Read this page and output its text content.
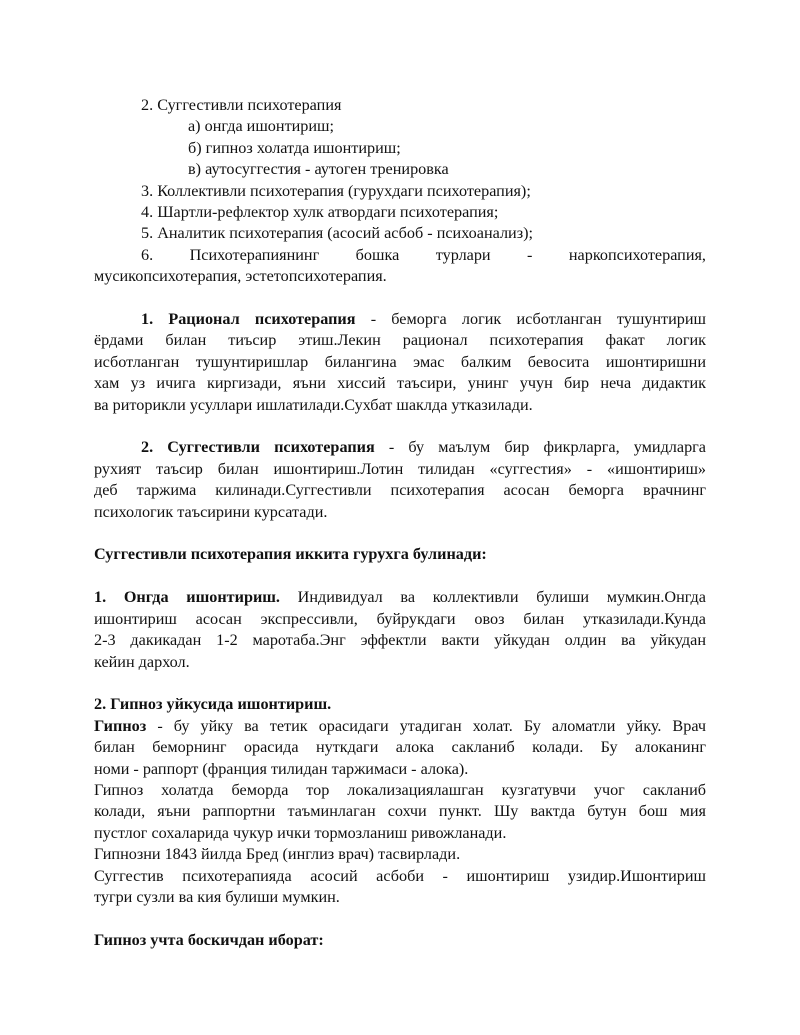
2. Суггестивли психотерапия

а) онгда ишонтириш;

б) гипноз холатда ишонтириш;

в) аутосуггестия - аутоген тренировка

3. Коллективли психотерапия (гурухдаги психотерапия);

4. Шартли-рефлектор хулк атвордаги психотерапия;

5. Аналитик психотерапия (асосий асбоб - психоанализ);

6. Психотерапиянинг бошка турлари - наркопсихотерапия,

мусикопсихотерапия, эстетопсихотерапия.

1. Рационал психотерапия - беморга логик исботланган тушунтириш

ёрдами билан тиъсир этиш.Лекин рационал психотерапия факат логик

исботланган тушунтиришлар билангина эмас балким бевосита ишонтиришни

хам уз ичига киргизади, яъни хиссий таъсири, унинг учун бир неча дидактик

ва риторикли усуллари ишлатилади.Сухбат шаклда утказилади.

2. Суггестивли психотерапия - бу маълум бир фикрларга, умидларга

рухият таъсир билан ишонтириш.Лотин тилидан «суггестия» - «ишонтириш»

деб таржима килинади.Суггестивли психотерапия асосан беморга врачнинг

психологик таъсирини курсатади.

Суггестивли психотерапия иккита гурухга булинади:

1. Онгда ишонтириш. Индивидуал ва коллективли булиши мумкин.Онгда

ишонтириш асосан экспрессивли, буйрукдаги овоз билан утказилади.Кунда

2-3 дакикадан 1-2 маротаба.Энг эффектли вакти уйкудан олдин ва уйкудан

кейин дархол.

2. Гипноз уйкусида ишонтириш.

Гипноз - бу уйку ва тетик орасидаги утадиган холат. Бу аломатли уйку. Врач

билан беморнинг орасида нуткдаги алока сакланиб колади. Бу алоканинг

номи - раппорт (франция тилидан таржимаси - алока).

Гипноз холатда беморда тор локализациялашган кузгатувчи учог сакланиб

колади, яъни раппортни таъминлаган сохчи пункт. Шу вактда бутун бош мия

пустлог сохаларида чукур ички тормозланиш ривожланади.

Гипнозни 1843 йилда Бред (инглиз врач) тасвирлади.

Суггестив психотерапияда асосий асбоби - ишонтириш узидир.Ишонтириш

тугри сузли ва кия булиши мумкин.

Гипноз учта боскичдан иборат:
